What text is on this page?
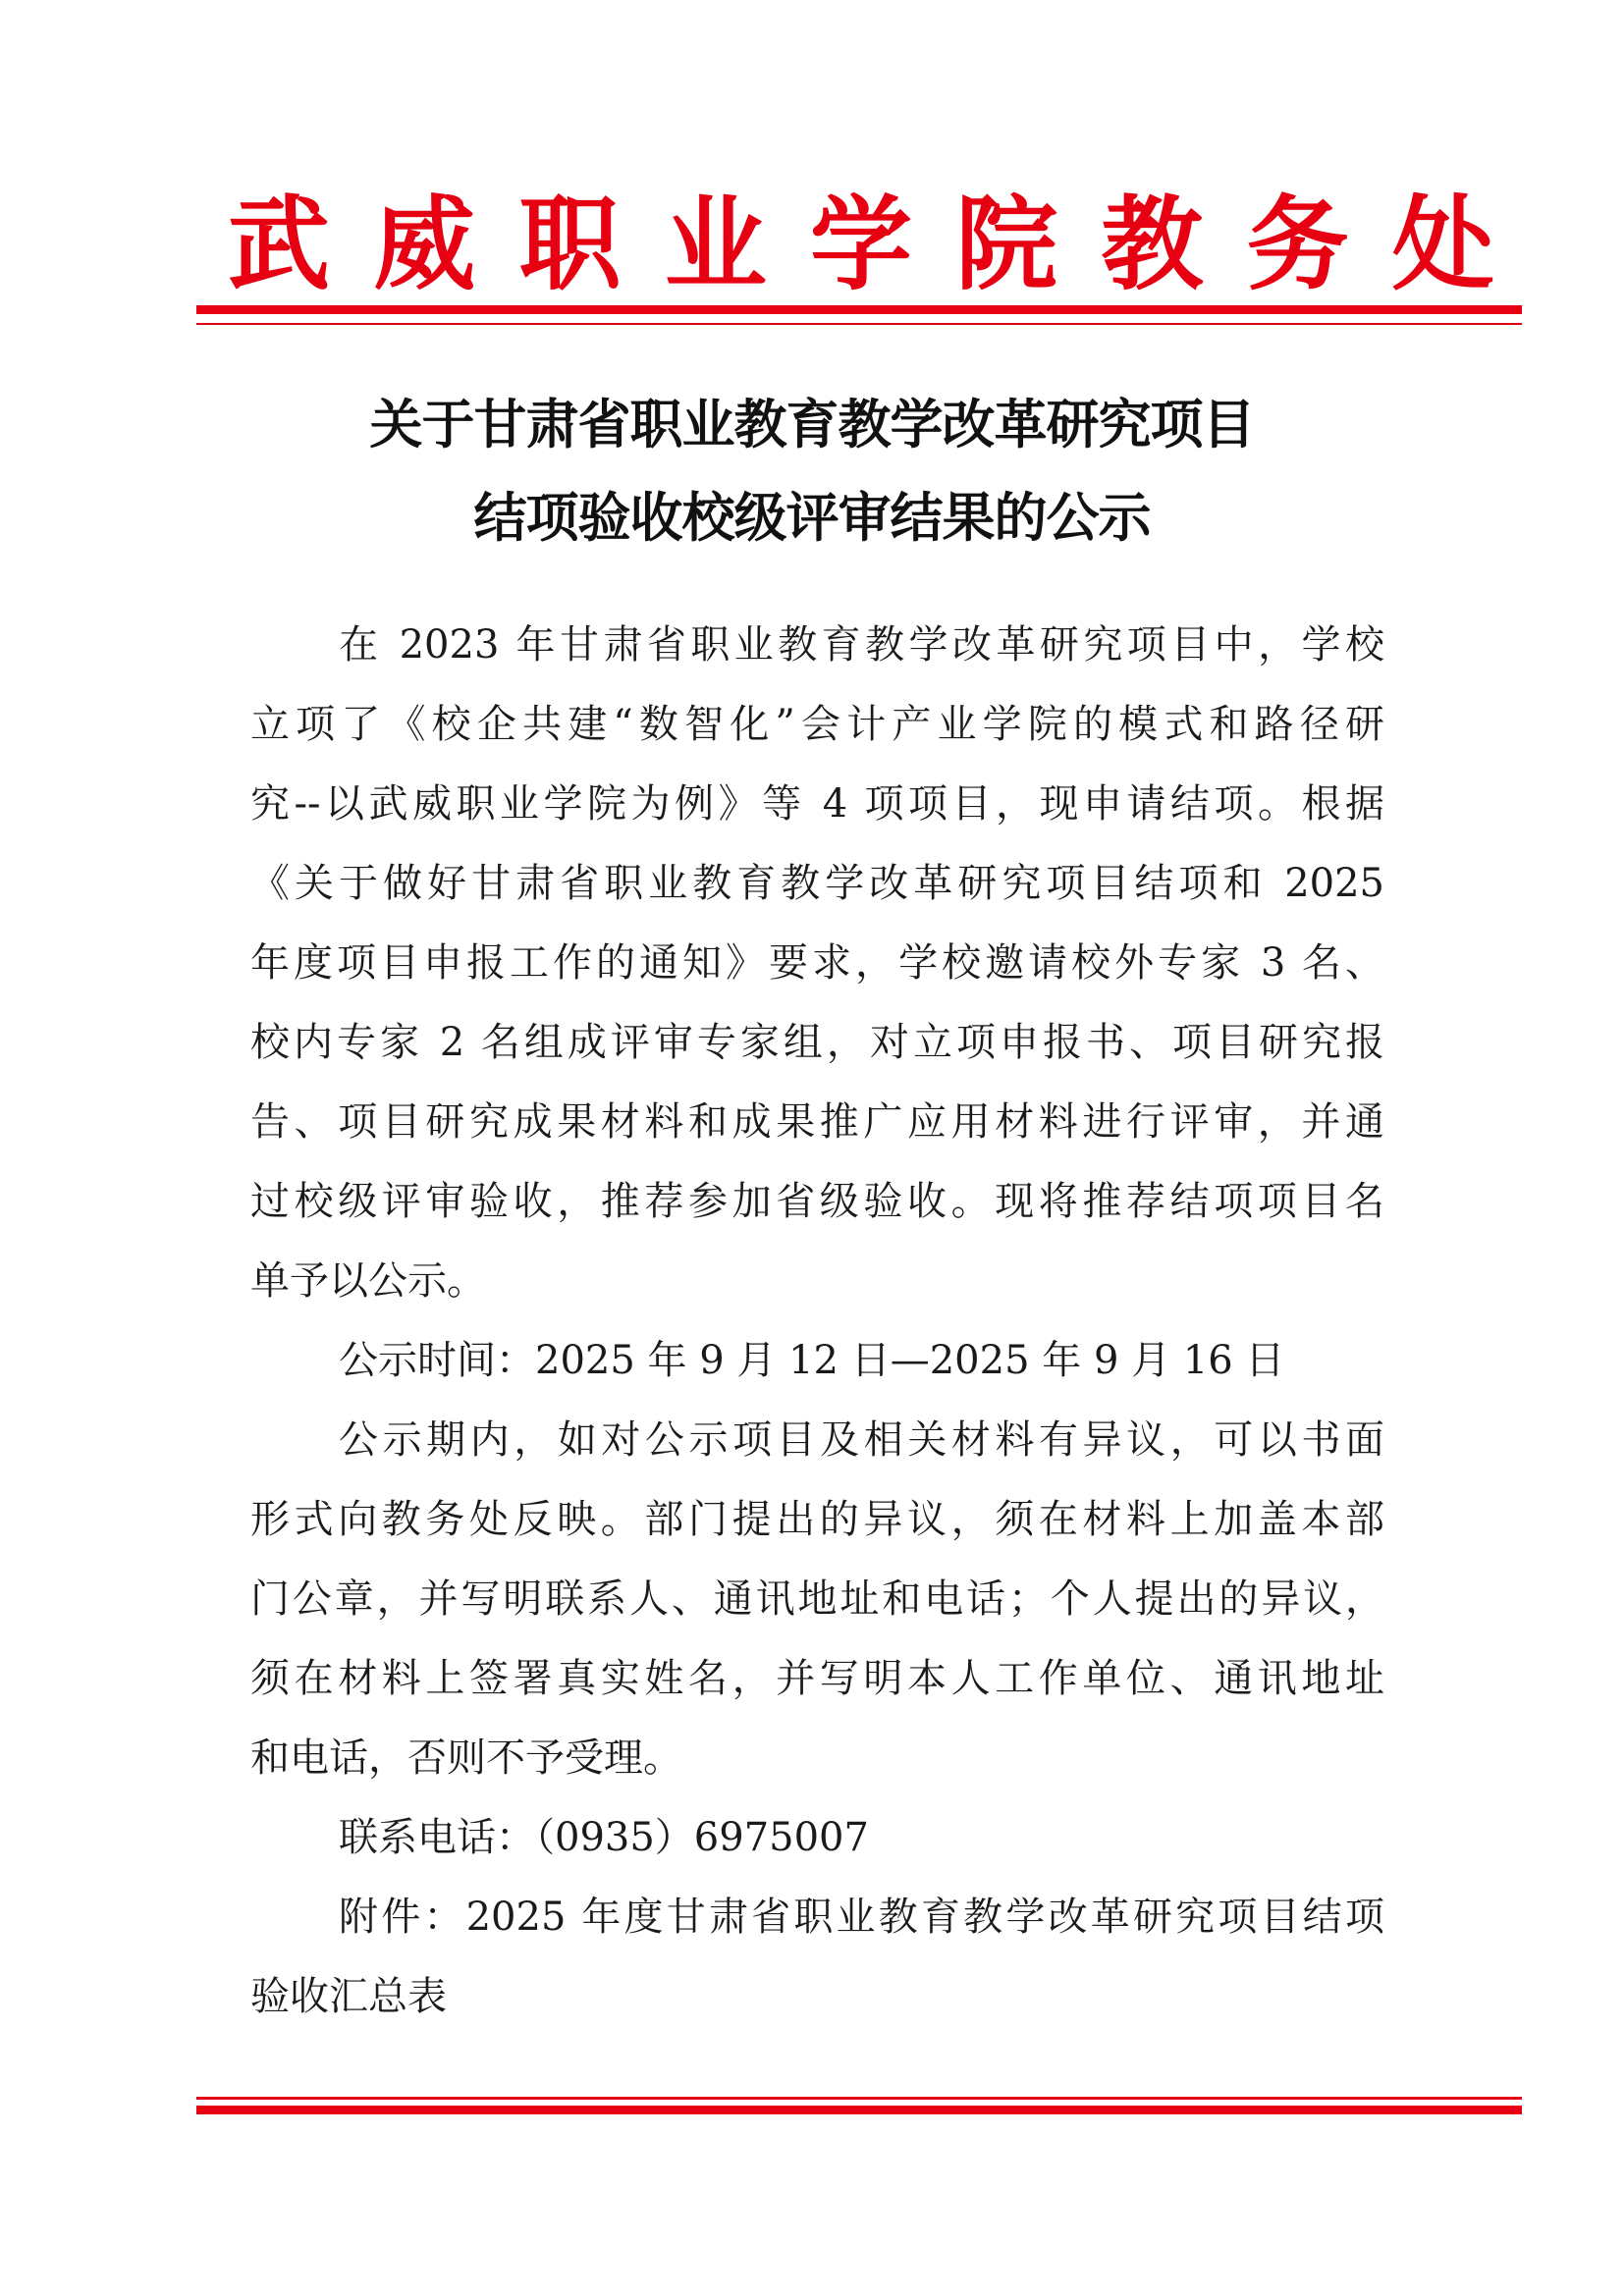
武 威 职 业 学 院 教 务 处
关于甘肃省职业教育教学改革研究项目
结项验收校级评审结果的公示
在 2023 年甘肃省职业教育教学改革研究项目中，学校
立项了《校企共建“数智化”会计产业学院的模式和路径研
究--以武威职业学院为例》等 4 项项目，现申请结项。根据
《关于做好甘肃省职业教育教学改革研究项目结项和 2025
年度项目申报工作的通知》要求，学校邀请校外专家 3 名、
校内专家 2 名组成评审专家组，对立项申报书、项目研究报
告、项目研究成果材料和成果推广应用材料进行评审，并通
过校级评审验收，推荐参加省级验收。现将推荐结项项目名
单予以公示。
公示时间：2025 年 9 月 12 日—2025 年 9 月 16 日
公示期内，如对公示项目及相关材料有异议，可以书面
形式向教务处反映。部门提出的异议，须在材料上加盖本部
门公章，并写明联系人、通讯地址和电话；个人提出的异议，
须在材料上签署真实姓名，并写明本人工作单位、通讯地址
和电话，否则不予受理。
联系电话：（0935）6975007
附件：2025 年度甘肃省职业教育教学改革研究项目结项
验收汇总表
